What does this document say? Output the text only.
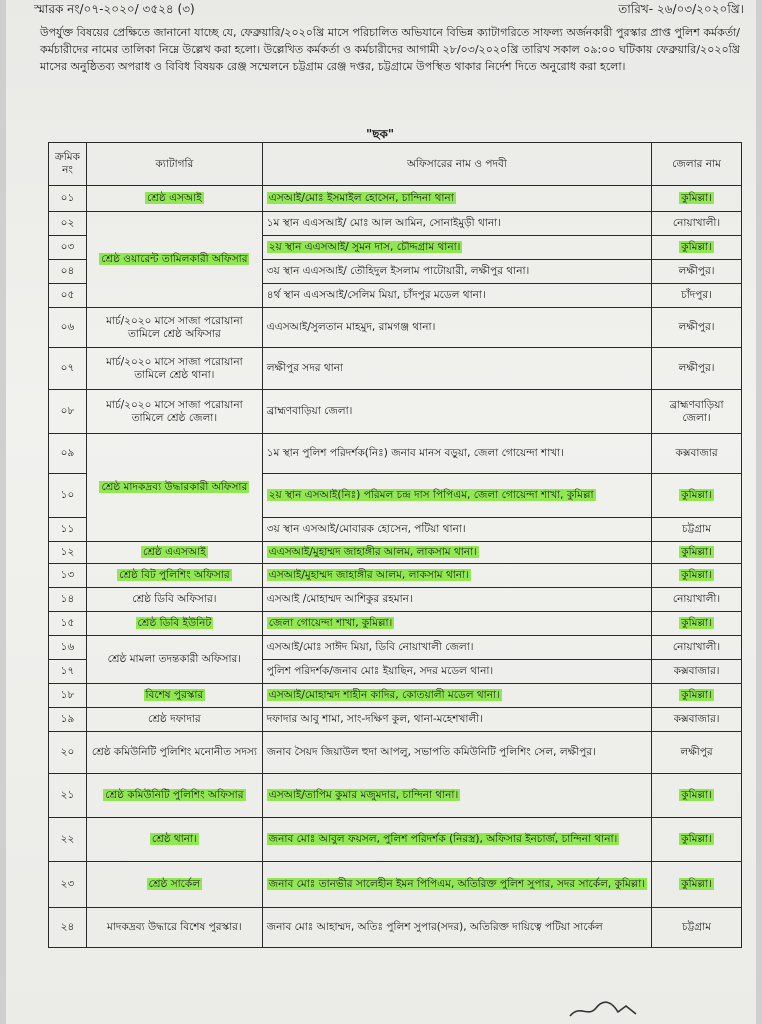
স্মারক নং/০৭-২০২০/ ৩৫২৪ (৩)	তারিখ- ২৬/০৩/২০২০খ্রি।
উপর্যুক্ত বিষয়ের প্রেক্ষিতে জানানো যাচ্ছে যে, ফেব্রুয়ারি/২০২০খ্রি মাসে পরিচালিত অভিযানে বিভিন্ন ক্যাটাগরিতে সাফল্য অর্জনকারী পুরস্কার প্রাপ্ত পুলিশ কর্মকর্তা/কর্মচারীদের নামের তালিকা নিম্নে উল্লেখ করা হলো। উল্লেখিত কর্মকর্তা ও কর্মচারীদের আগামী ২৮/০৩/২০২০খ্রি তারিখ সকাল ০৯:০০ ঘটিকায় ফেব্রুয়ারি/২০২০খ্রি মাসের অনুষ্ঠিতব্য অপরাধ ও বিবিধ বিষয়ক রেঞ্জ সম্মেলনে চট্টগ্রাম রেঞ্জ দপ্তর, চট্টগ্রামে উপস্থিত থাকার নির্দেশ দিতে অনুরোধ করা হলো।
"ছক"
ক্রমিক নং	ক্যাটাগরি	অফিসারের নাম ও পদবী	জেলার নাম
০১	শ্রেষ্ঠ এসআই	এসআই/মোঃ ইসমাইল হোসেন, চান্দিনা থানা	কুমিল্লা।
০২	শ্রেষ্ঠ ওয়ারেন্ট তামিলকারী অফিসার	১ম স্থান এএসআই/ মোঃ আল আমিন, সোনাইমুড়ী থানা।	নোয়াখালী।
০৩		২য় স্থান এএসআই/ সুমন দাস, চৌদ্দগ্রাম থানা।	কুমিল্লা।
০৪		৩য় স্থান এএসআই/ তৌহিদুল ইসলাম পাটোয়ারী, লক্ষীপুর থানা।	লক্ষীপুর।
০৫		৪র্থ স্থান এএসআই/সেলিম মিয়া, চাঁদপুর মডেল থানা।	চাঁদপুর।
০৬	মার্চ/২০২০ মাসে সাজা পরোয়ানা তামিলে শ্রেষ্ঠ অফিসার	এএসআই/সুলতান মাহমুদ, রামগঞ্জ থানা।	লক্ষীপুর।
০৭	মার্চ/২০২০ মাসে সাজা পরোয়ানা তামিলে শ্রেষ্ঠ থানা।	লক্ষীপুর সদর থানা	লক্ষীপুর।
০৮	মার্চ/২০২০ মাসে সাজা পরোয়ানা তামিলে শ্রেষ্ঠ জেলা।	ব্রাহ্মণবাড়িয়া জেলা।	ব্রাহ্মণবাড়িয়া জেলা।
০৯	শ্রেষ্ঠ মাদকদ্রব্য উদ্ধারকারী অফিসার	১ম স্থান পুলিশ পরিদর্শক(নিঃ) জনাব মানস বড়ুয়া, জেলা গোয়েন্দা শাখা।	কক্সবাজার
১০		২য় স্থান এসআই(নিঃ) পরিমল চন্দ্র দাস পিপিএম, জেলা গোয়েন্দা শাখা, কুমিল্লা	কুমিল্লা।
১১		৩য় স্থান এসআই/মোবারক হোসেন, পটিয়া থানা।	চট্টগ্রাম
১২	শ্রেষ্ঠ এএসআই	এএসআই/মুহাম্মদ জাহাঙ্গীর আলম, লাকসাম থানা।	কুমিল্লা।
১৩	শ্রেষ্ঠ বিট পুলিশিং অফিসার	এসআই/মুহাম্মদ জাহাঙ্গীর আলম, লাকসাম থানা।	কুমিল্লা।
১৪	শ্রেষ্ঠ ডিবি অফিসার।	এসআই /মোহাম্মদ আশিকুর রহমান।	নোয়াখালী।
১৫	শ্রেষ্ঠ ডিবি ইউনিট	জেলা গোয়েন্দা শাখা, কুমিল্লা।	কুমিল্লা।
১৬	শ্রেষ্ঠ মামলা তদন্তকারী অফিসার।	এসআই/মোঃ সাঈদ মিয়া, ডিবি নোয়াখালী জেলা।	নোয়াখালী।
১৭		পুলিশ পরিদর্শক/জনাব মোঃ ইয়াছিন, সদর মডেল থানা।	কক্সবাজার।
১৮	বিশেষ পুরস্কার	এসআই/মোহাম্মদ শাহীন কাদির, কোতয়ালী মডেল থানা।	কুমিল্লা।
১৯	শ্রেষ্ঠ দফাদার	দফাদার আবু শামা, সাং-দক্ষিণ কুল, থানা-মহেশখালী।	কক্সবাজার।
২০	শ্রেষ্ঠ কমিউনিটি পুলিশিং মনোনীত সদস্য	জনাব সৈয়দ জিয়াউল হুদা আপলু, সভাপতি কমিউনিটি পুলিশিং সেল, লক্ষীপুর।	লক্ষীপুর
২১	শ্রেষ্ঠ কমিউনিটি পুলিশিং অফিসার	এসআই/তাপিম কুমার মজুমদার, চান্দিনা থানা।	কুমিল্লা।
২২	শ্রেষ্ঠ থানা।	জনাব মোঃ আবুল ফয়সল, পুলিশ পরিদর্শক (নিরস্ত্র), অফিসার ইনচার্জ, চান্দিনা থানা।	কুমিল্লা।
২৩	শ্রেষ্ঠ সার্কেল	জনাব মোঃ তানভীর সালেহীন ইমন পিপিএম, অতিরিক্ত পুলিশ সুপার, সদর সার্কেল, কুমিল্লা।	কুমিল্লা।
২৪	মাদকদ্রব্য উদ্ধারে বিশেষ পুরস্কার।	জনাব মোঃ আহাম্মদ, অতিঃ পুলিশ সুপার(সদর), অতিরিক্ত দায়িত্বে পটিয়া সার্কেল	চট্টগ্রাম
